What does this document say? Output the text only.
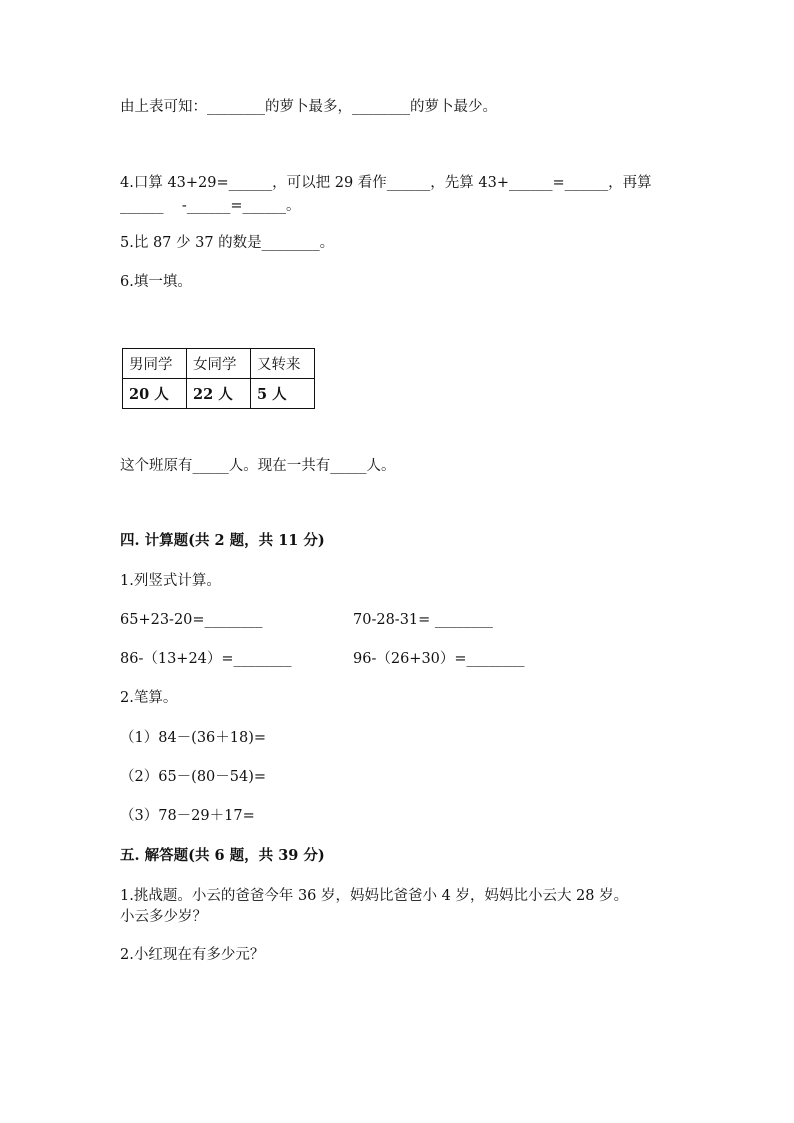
由上表可知：________的萝卜最多，________的萝卜最少。
4.口算 43+29=______，可以把 29 看作______，先算 43+______=______，再算
______    -______=______。
5.比 87 少 37 的数是________。
6.填一填。
男同学	女同学	又转来
20 人	22 人	5 人
这个班原有_____人。现在一共有_____人。
四. 计算题(共 2 题，共 11 分)
1.列竖式计算。
65+23-20=________	70-28-31= ________
86-（13+24）=________	96-（26+30）=________
2.笔算。
（1）84－(36＋18)=
（2）65－(80－54)=
（3）78－29＋17=
五. 解答题(共 6 题，共 39 分)
1.挑战题。小云的爸爸今年 36 岁，妈妈比爸爸小 4 岁，妈妈比小云大 28 岁。
小云多少岁？
2.小红现在有多少元？
